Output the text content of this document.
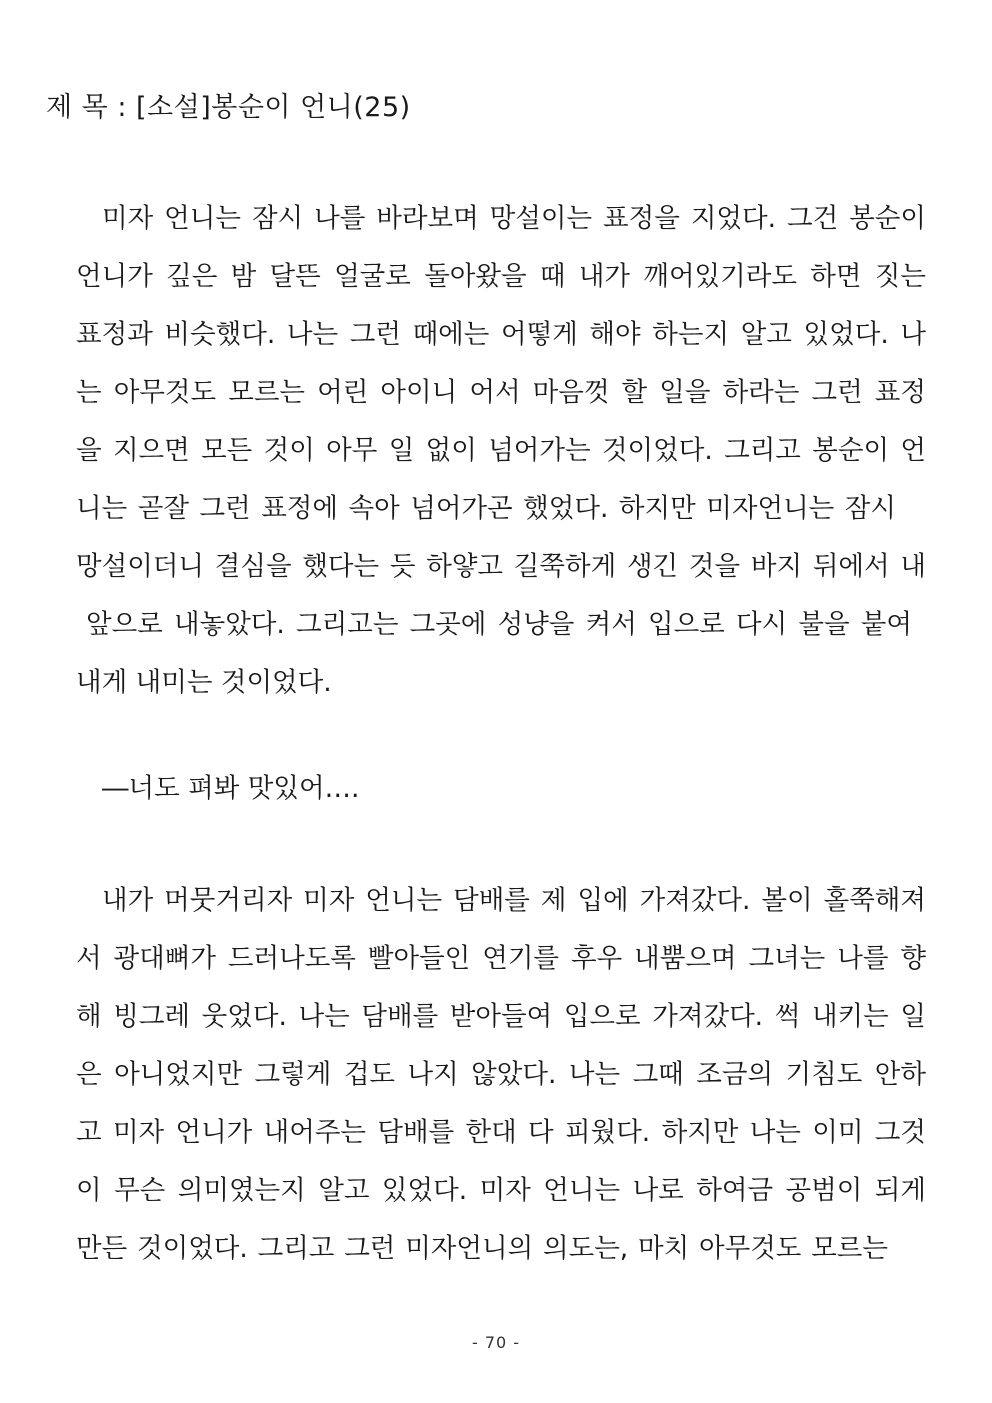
제 목 : [소설]봉순이 언니(25)
미자 언니는 잠시 나를 바라보며 망설이는 표정을 지었다. 그건 봉순이
언니가 깊은 밤 달뜬 얼굴로 돌아왔을 때 내가 깨어있기라도 하면 짓는
표정과 비슷했다. 나는 그런 때에는 어떻게 해야 하는지 알고 있었다. 나
는 아무것도 모르는 어린 아이니 어서 마음껏 할 일을 하라는 그런 표정
을 지으면 모든 것이 아무 일 없이 넘어가는 것이었다. 그리고 봉순이 언
니는 곧잘 그런 표정에 속아 넘어가곤 했었다. 하지만 미자언니는 잠시
망설이더니 결심을 했다는 듯 하얗고 길쭉하게 생긴 것을 바지 뒤에서 내
앞으로 내놓았다. 그리고는 그곳에 성냥을 켜서 입으로 다시 불을 붙여
내게 내미는 것이었다.
―너도 펴봐 맛있어….
내가 머뭇거리자 미자 언니는 담배를 제 입에 가져갔다. 볼이 홀쭉해져
서 광대뼈가 드러나도록 빨아들인 연기를 후우 내뿜으며 그녀는 나를 향
해 빙그레 웃었다. 나는 담배를 받아들여 입으로 가져갔다. 썩 내키는 일
은 아니었지만 그렇게 겁도 나지 않았다. 나는 그때 조금의 기침도 안하
고 미자 언니가 내어주는 담배를 한대 다 피웠다. 하지만 나는 이미 그것
이 무슨 의미였는지 알고 있었다. 미자 언니는 나로 하여금 공범이 되게
만든 것이었다. 그리고 그런 미자언니의 의도는, 마치 아무것도 모르는
- 70 -
